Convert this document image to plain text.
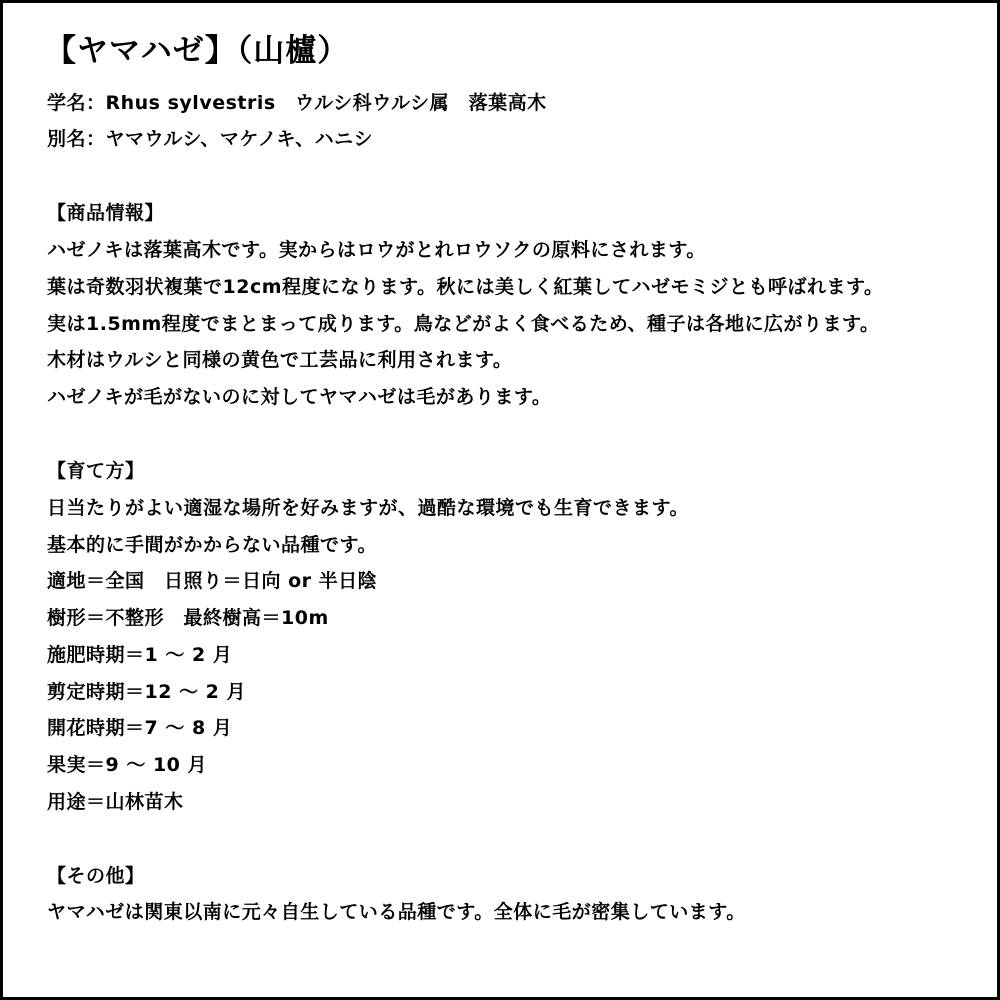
【ヤマハゼ】（山櫨）
学名：Rhus sylvestris　ウルシ科ウルシ属　落葉高木
別名：ヤマウルシ、マケノキ、ハニシ
【商品情報】
ハゼノキは落葉高木です。実からはロウがとれロウソクの原料にされます。
葉は奇数羽状複葉で12cm程度になります。秋には美しく紅葉してハゼモミジとも呼ばれます。
実は1.5mm程度でまとまって成ります。鳥などがよく食べるため、種子は各地に広がります。
木材はウルシと同様の黄色で工芸品に利用されます。
ハゼノキが毛がないのに対してヤマハゼは毛があります。
【育て方】
日当たりがよい適湿な場所を好みますが、過酷な環境でも生育できます。
基本的に手間がかからない品種です。
適地＝全国　日照り＝日向 or 半日陰
樹形＝不整形　最終樹高＝10m
施肥時期＝1 ～ 2 月
剪定時期＝12 ～ 2 月
開花時期＝7 ～ 8 月
果実＝9 ～ 10 月
用途＝山林苗木
【その他】
ヤマハゼは関東以南に元々自生している品種です。全体に毛が密集しています。
